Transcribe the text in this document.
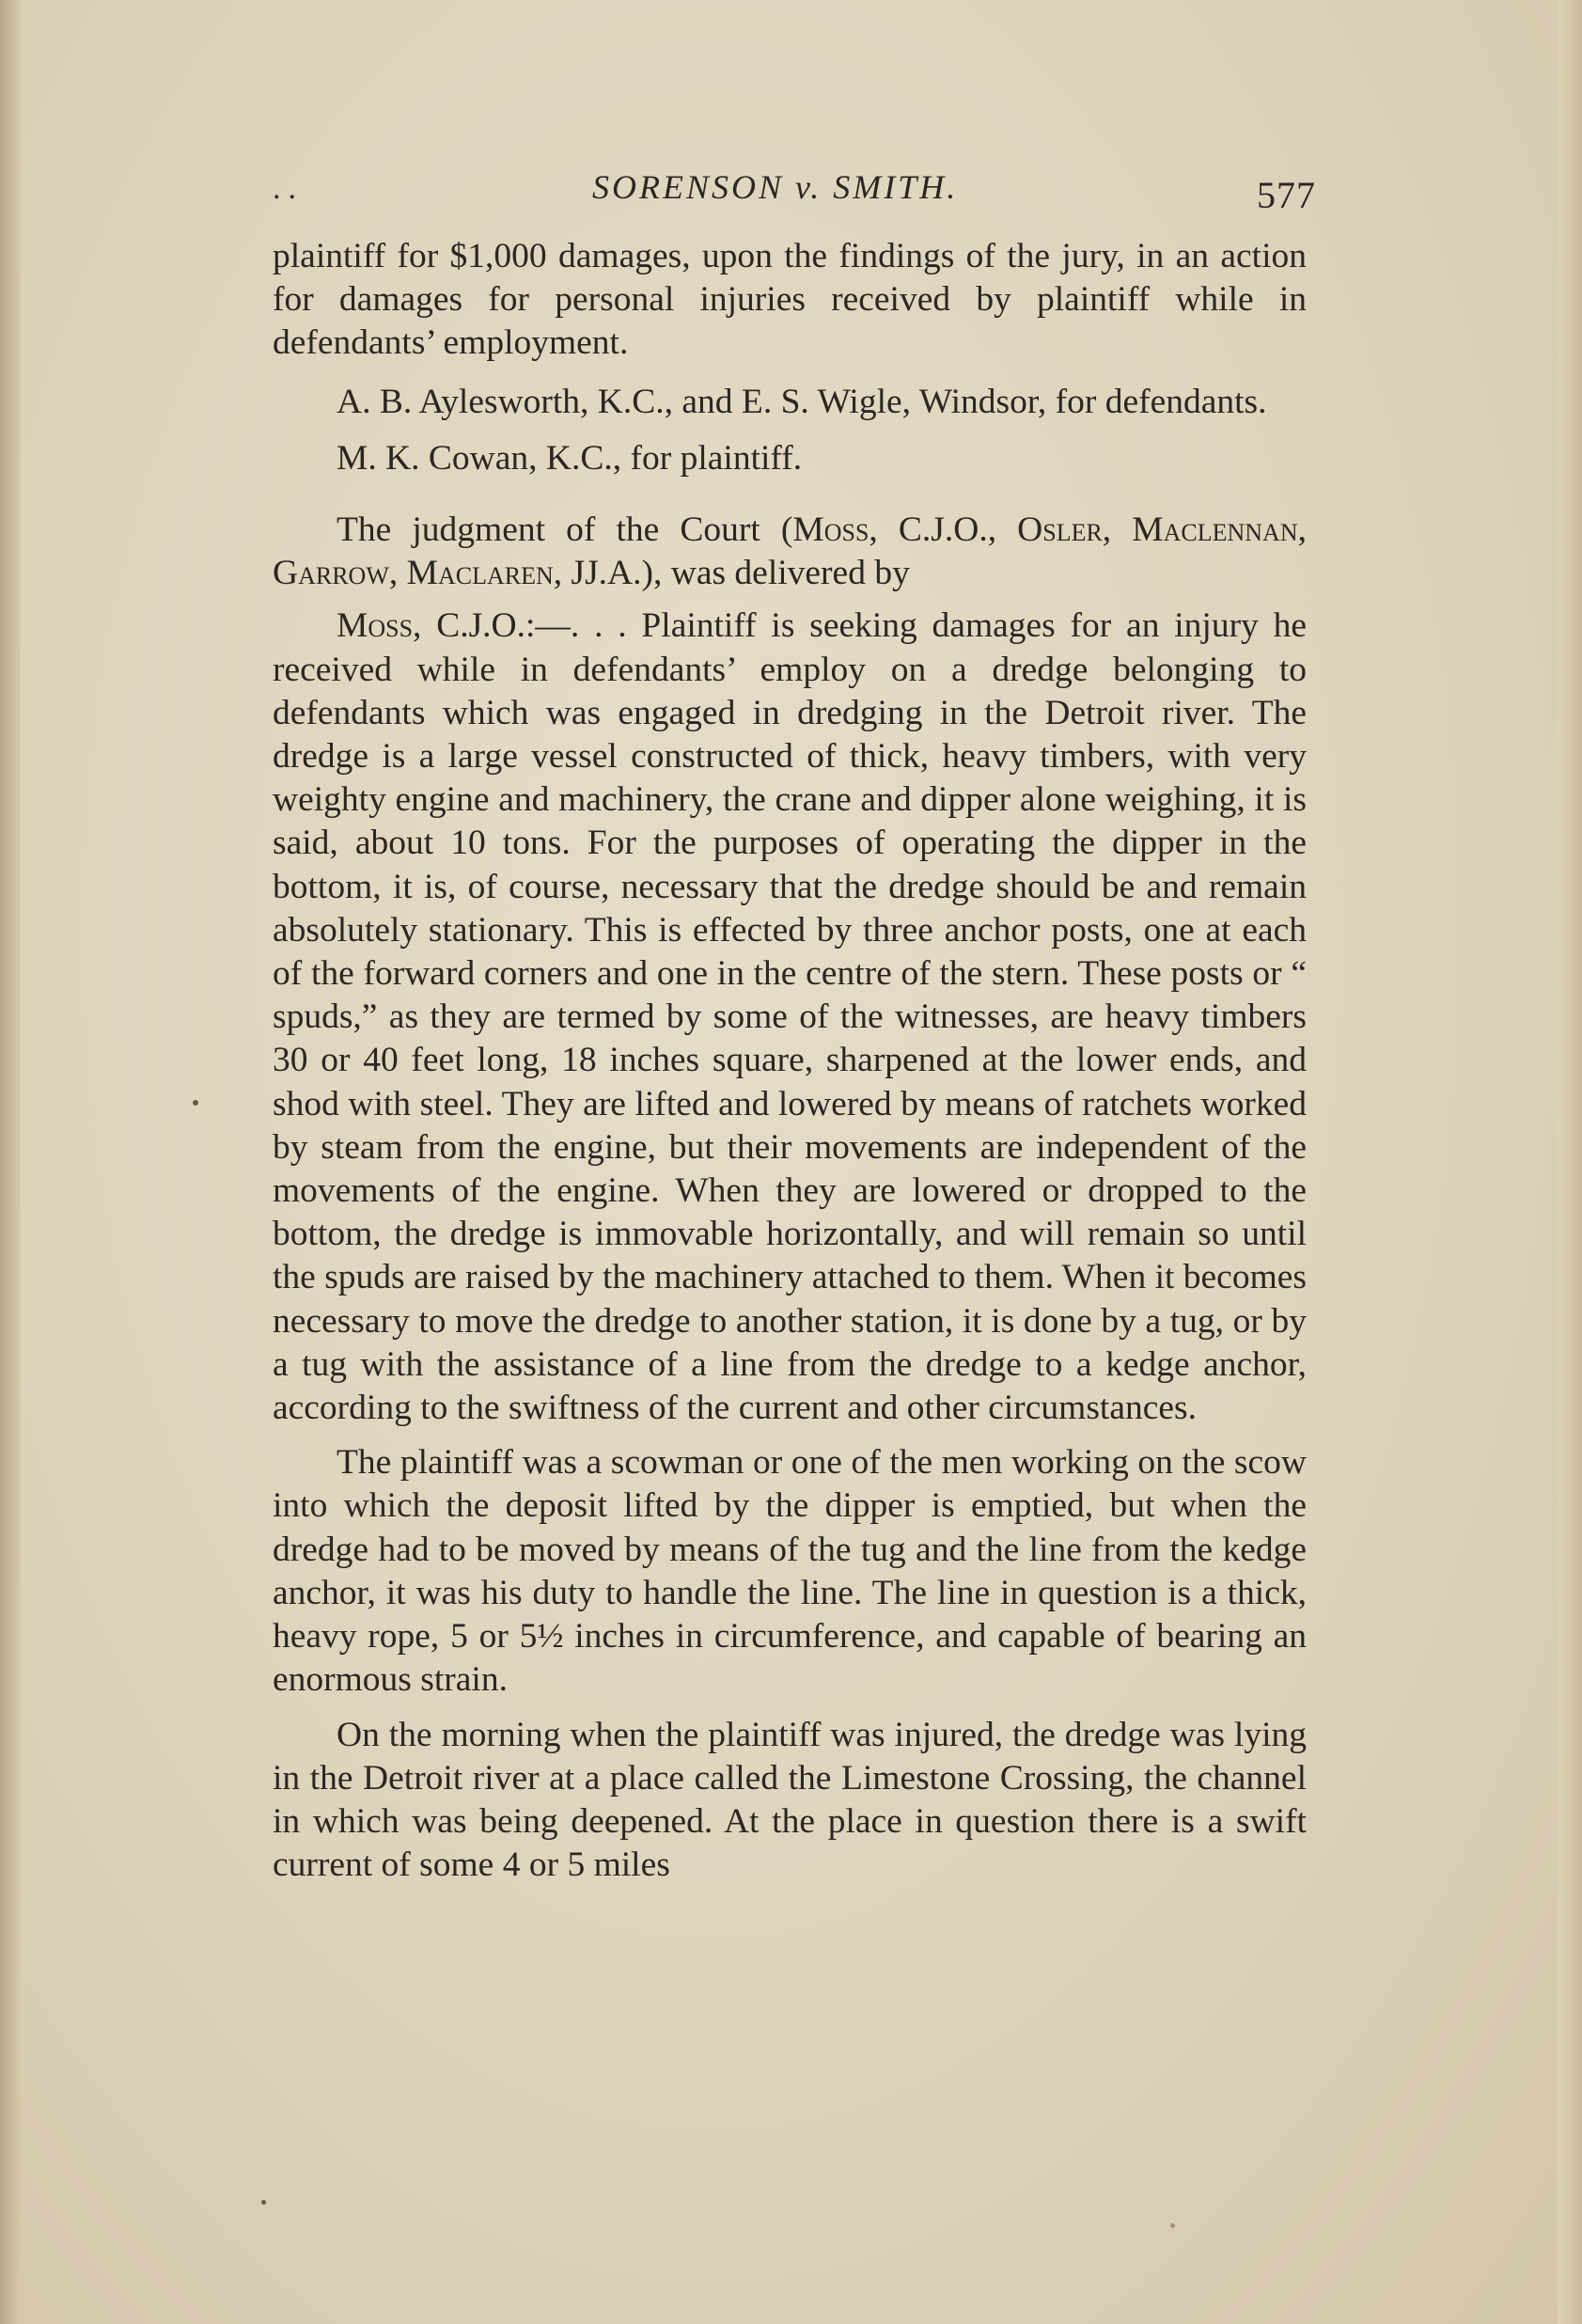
..	SORENSON v. SMITH.	577

plaintiff for $1,000 damages, upon the findings of the jury, in an action for damages for personal injuries received by plaintiff while in defendants’ employment.

A. B. Aylesworth, K.C., and E. S. Wigle, Windsor, for defendants.

M. K. Cowan, K.C., for plaintiff.

The judgment of the Court (Moss, C.J.O., Osler, Maclennan, Garrow, Maclaren, JJ.A.), was delivered by

Moss, C.J.O.:—. . . Plaintiff is seeking damages for an injury he received while in defendants’ employ on a dredge belonging to defendants which was engaged in dredging in the Detroit river. The dredge is a large vessel constructed of thick, heavy timbers, with very weighty engine and machinery, the crane and dipper alone weighing, it is said, about 10 tons. For the purposes of operating the dipper in the bottom, it is, of course, necessary that the dredge should be and remain absolutely stationary. This is effected by three anchor posts, one at each of the forward corners and one in the centre of the stern. These posts or “ spuds,” as they are termed by some of the witnesses, are heavy timbers 30 or 40 feet long, 18 inches square, sharpened at the lower ends, and shod with steel. They are lifted and lowered by means of ratchets worked by steam from the engine, but their movements are independent of the movements of the engine. When they are lowered or dropped to the bottom, the dredge is immovable horizontally, and will remain so until the spuds are raised by the machinery attached to them. When it becomes necessary to move the dredge to another station, it is done by a tug, or by a tug with the assistance of a line from the dredge to a kedge anchor, according to the swiftness of the current and other circumstances.

The plaintiff was a scowman or one of the men working on the scow into which the deposit lifted by the dipper is emptied, but when the dredge had to be moved by means of the tug and the line from the kedge anchor, it was his duty to handle the line. The line in question is a thick, heavy rope, 5 or 5½ inches in circumference, and capable of bearing an enormous strain.

On the morning when the plaintiff was injured, the dredge was lying in the Detroit river at a place called the Limestone Crossing, the channel in which was being deepened. At the place in question there is a swift current of some 4 or 5 miles
